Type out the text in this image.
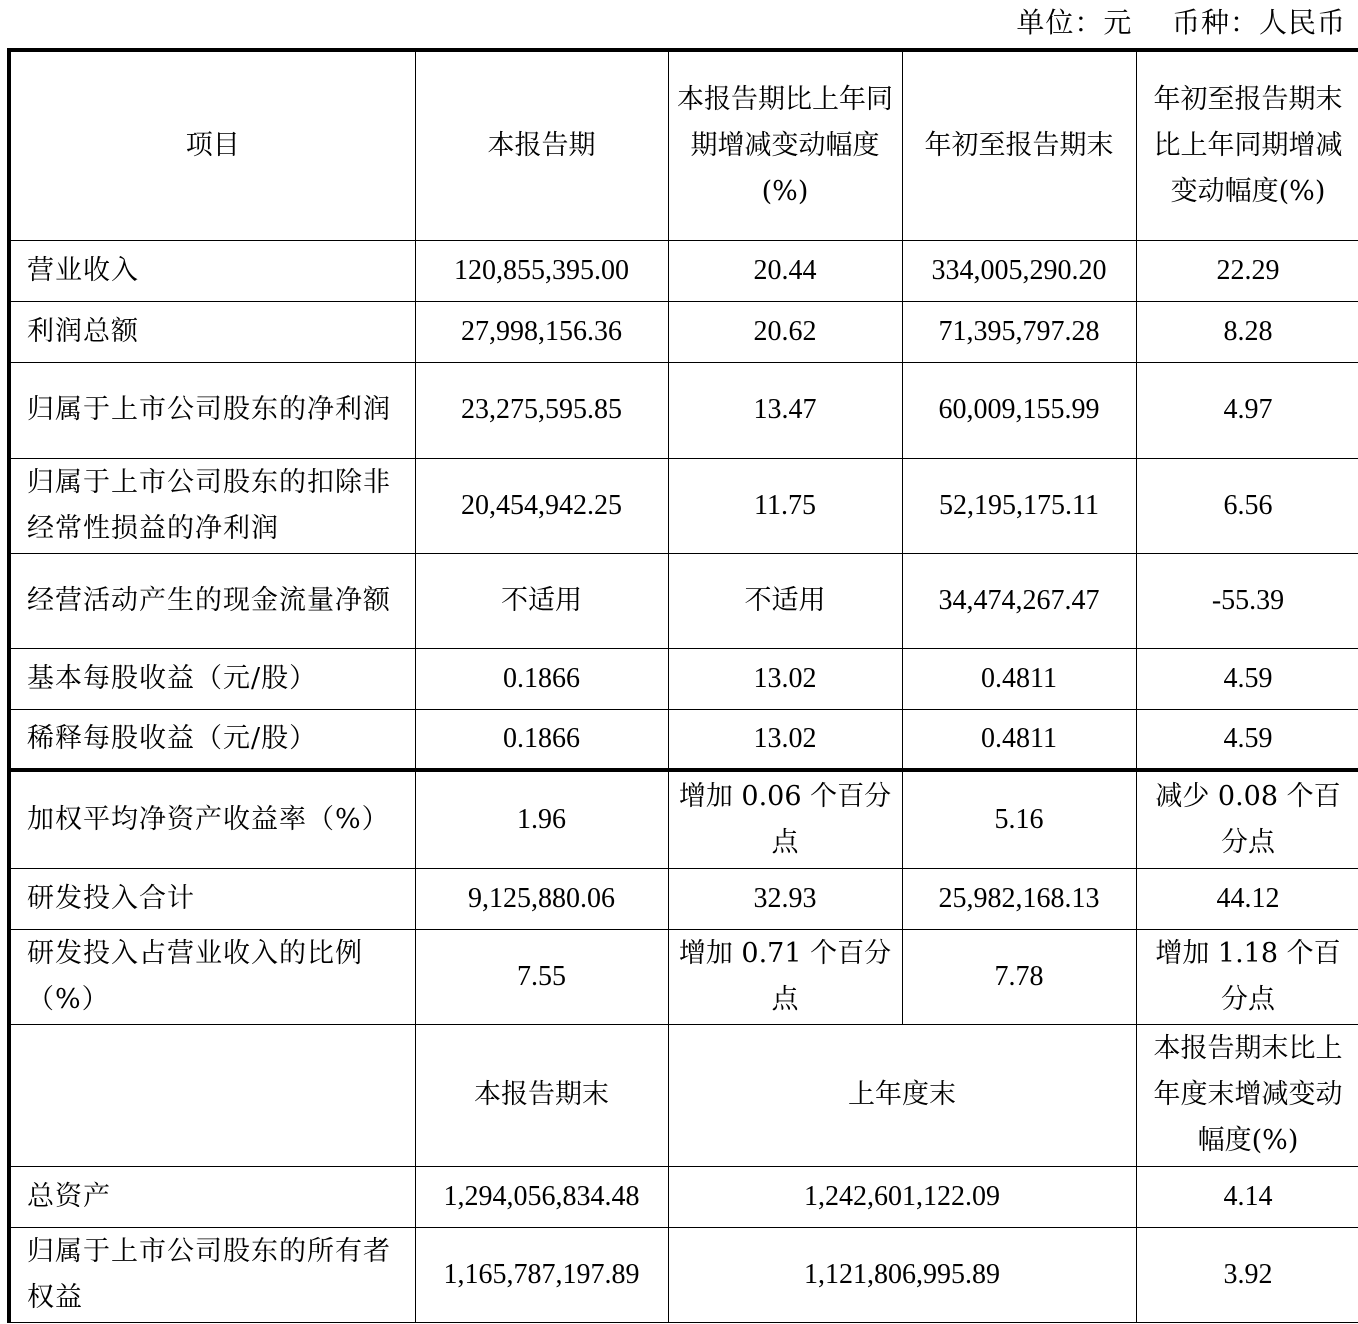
单位：元    币种：人民币
项目	本报告期	本报告期比上年同期增减变动幅度(%)	年初至报告期末	年初至报告期末比上年同期增减变动幅度(%)
营业收入	120,855,395.00	20.44	334,005,290.20	22.29
利润总额	27,998,156.36	20.62	71,395,797.28	8.28
归属于上市公司股东的净利润	23,275,595.85	13.47	60,009,155.99	4.97
归属于上市公司股东的扣除非经常性损益的净利润	20,454,942.25	11.75	52,195,175.11	6.56
经营活动产生的现金流量净额	不适用	不适用	34,474,267.47	-55.39
基本每股收益（元/股）	0.1866	13.02	0.4811	4.59
稀释每股收益（元/股）	0.1866	13.02	0.4811	4.59
加权平均净资产收益率（%）	1.96	增加 0.06 个百分点	5.16	减少 0.08 个百分点
研发投入合计	9,125,880.06	32.93	25,982,168.13	44.12
研发投入占营业收入的比例（%）	7.55	增加 0.71 个百分点	7.78	增加 1.18 个百分点
	本报告期末	上年度末		本报告期末比上年度末增减变动幅度(%)
总资产	1,294,056,834.48	1,242,601,122.09		4.14
归属于上市公司股东的所有者权益	1,165,787,197.89	1,121,806,995.89		3.92
